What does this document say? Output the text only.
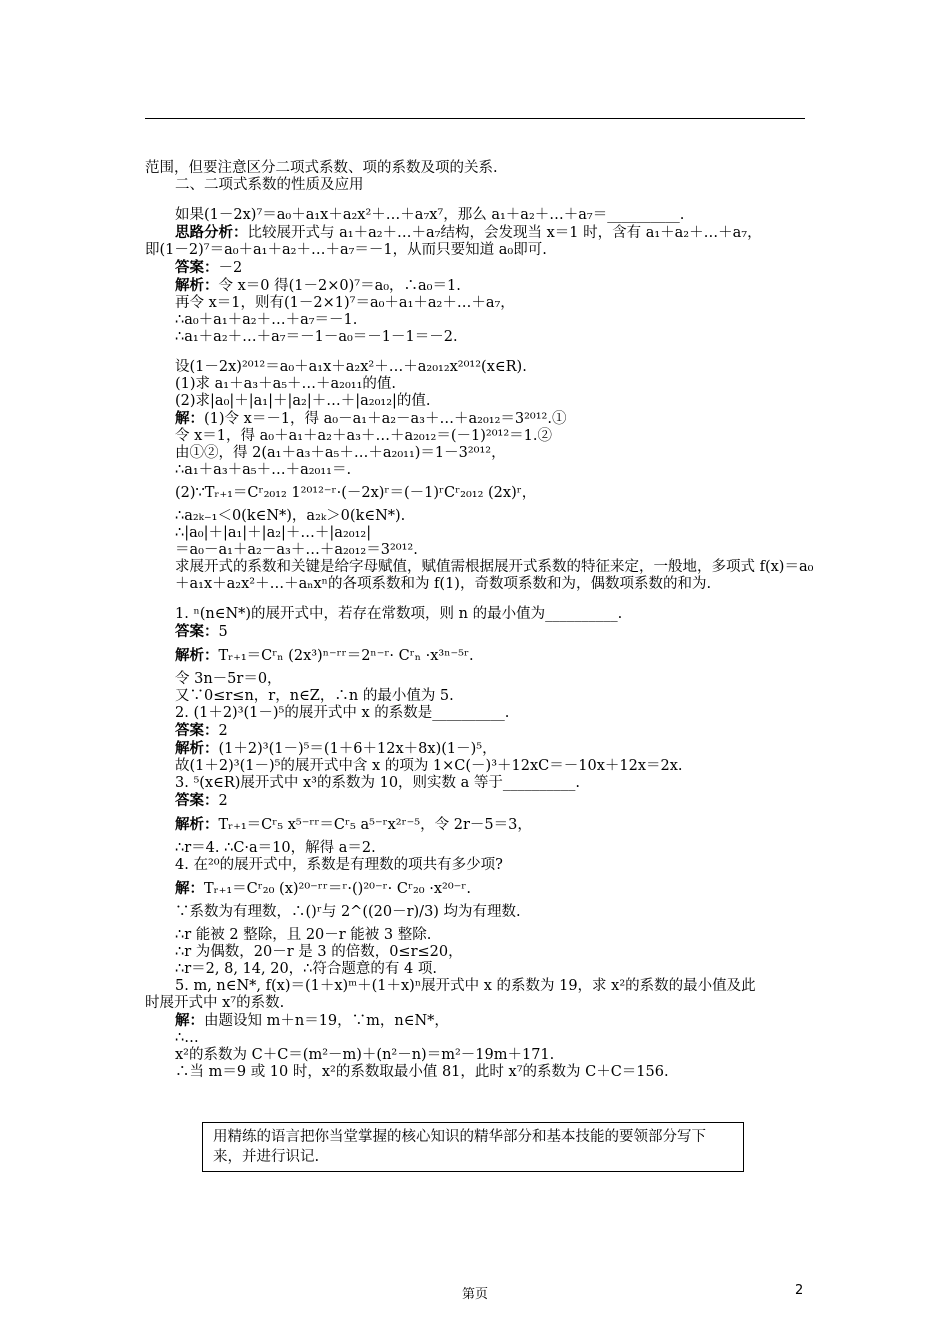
范围，但要注意区分二项式系数、项的系数及项的关系.
二、二项式系数的性质及应用
如果(1－2x)⁷＝a₀＋a₁x＋a₂x²＋…＋a₇x⁷，那么 a₁＋a₂＋…＋a₇＝__________.
思路分析：比较展开式与 a₁＋a₂＋…＋a₇结构，会发现当 x＝1 时，含有 a₁＋a₂＋…＋a₇，
即(1－2)⁷＝a₀＋a₁＋a₂＋…＋a₇＝－1，从而只要知道 a₀即可.
答案：－2
解析：令 x＝0 得(1－2×0)⁷＝a₀，∴a₀＝1.
再令 x＝1，则有(1－2×1)⁷＝a₀＋a₁＋a₂＋…＋a₇，
∴a₀＋a₁＋a₂＋…＋a₇＝－1.
∴a₁＋a₂＋…＋a₇＝－1－a₀＝－1－1＝－2.
设(1－2x)²⁰¹²＝a₀＋a₁x＋a₂x²＋…＋a₂₀₁₂x²⁰¹²(x∈R).
(1)求 a₁＋a₃＋a₅＋…＋a₂₀₁₁的值.
(2)求|a₀|＋|a₁|＋|a₂|＋…＋|a₂₀₁₂|的值.
解：(1)令 x＝－1，得 a₀－a₁＋a₂－a₃＋…＋a₂₀₁₂＝3²⁰¹².①
令 x＝1，得 a₀＋a₁＋a₂＋a₃＋…＋a₂₀₁₂＝(－1)²⁰¹²＝1.②
由①②，得 2(a₁＋a₃＋a₅＋…＋a₂₀₁₁)＝1－3²⁰¹²，
∴a₁＋a₃＋a₅＋…＋a₂₀₁₁＝.
(2)∵Tᵣ₊₁＝Cʳ₂₀₁₂ 1²⁰¹²⁻ʳ·(－2x)ʳ＝(－1)ʳCʳ₂₀₁₂ (2x)ʳ，
∴a₂ₖ₋₁＜0(k∈N*)，a₂ₖ＞0(k∈N*).
∴|a₀|＋|a₁|＋|a₂|＋…＋|a₂₀₁₂|
＝a₀－a₁＋a₂－a₃＋…＋a₂₀₁₂＝3²⁰¹².
求展开式的系数和关键是给字母赋值，赋值需根据展开式系数的特征来定，一般地，多项式 f(x)＝a₀＋a₁x＋a₂x²＋…＋aₙxⁿ的各项系数和为 f(1)，奇数项系数和为，偶数项系数的和为.
1. ⁿ(n∈N*)的展开式中，若存在常数项，则 n 的最小值为__________.
答案：5
解析：Tᵣ₊₁＝Cʳₙ (2x³)ⁿ⁻ʳʳ＝2ⁿ⁻ʳ· Cʳₙ ·x³ⁿ⁻⁵ʳ.
令 3n－5r＝0，
又∵0≤r≤n，r，n∈Z，∴n 的最小值为 5.
2. (1＋2)³(1－)⁵的展开式中 x 的系数是__________.
答案：2
解析：(1＋2)³(1－)⁵＝(1＋6＋12x＋8x)(1－)⁵，
故(1＋2)³(1－)⁵的展开式中含 x 的项为 1×C(－)³＋12xC＝－10x＋12x＝2x.
3. ⁵(x∈R)展开式中 x³的系数为 10，则实数 a 等于__________.
答案：2
解析：Tᵣ₊₁＝Cʳ₅ x⁵⁻ʳʳ＝Cʳ₅ a⁵⁻ʳx²ʳ⁻⁵，令 2r－5＝3，
∴r＝4. ∴C·a＝10，解得 a＝2.
4. 在²⁰的展开式中，系数是有理数的项共有多少项?
解：Tᵣ₊₁＝Cʳ₂₀ (x)²⁰⁻ʳʳ＝ʳ·()²⁰⁻ʳ· Cʳ₂₀ ·x²⁰⁻ʳ.
∵系数为有理数，∴()ʳ与 2^((20－r)/3) 均为有理数.
∴r 能被 2 整除，且 20－r 能被 3 整除.
∴r 为偶数，20－r 是 3 的倍数，0≤r≤20，
∴r＝2, 8, 14, 20，∴符合题意的有 4 项.
5. m, n∈N*, f(x)＝(1＋x)ᵐ＋(1＋x)ⁿ展开式中 x 的系数为 19，求 x²的系数的最小值及此
时展开式中 x⁷的系数.
解：由题设知 m＋n＝19，∵m，n∈N*，
∴…
x²的系数为 C＋C＝(m²－m)＋(n²－n)＝m²－19m＋171.
∴当 m＝9 或 10 时，x²的系数取最小值 81，此时 x⁷的系数为 C＋C＝156.
用精练的语言把你当堂掌握的核心知识的精华部分和基本技能的要领部分写下来，并进行识记.
第页	2
